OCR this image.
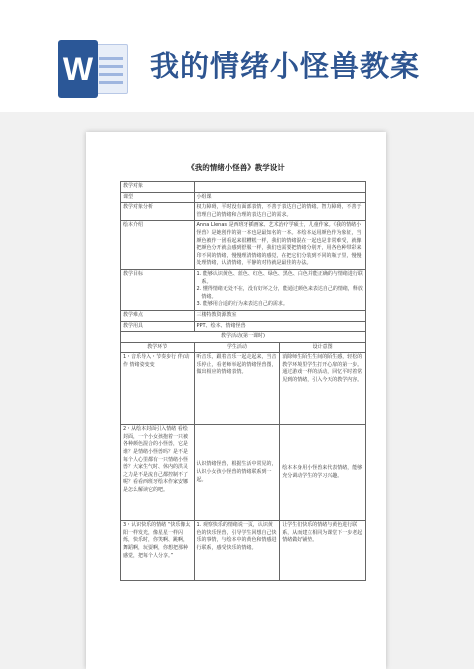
W 我的情绪小怪兽教案
《我的情绪小怪兽》教学设计
教学对象		
课型	小组课	
教学对象分析	权力障碍，平时没有面部表情，不善于表达自己的情绪。智力障碍，不善于管理自己的情绪和合理的表达自己的需求。	
绘本介绍	Anna Llenas 是西班牙插画家、艺术治疗学硕士，儿童作家。《我的情绪小怪兽》是她创作的第一本也是最知名的一本。本绘本运用颜色作为象征，当颜色被作一团看起来很糟糕一样，我们的情绪混在一起也是非常难受，就像把颜色分开就会感到舒服一样，我们也需要把情绪分别开，用各色种带彩来印不同的情绪，慢慢理清情绪的感觉，在把它们分装到不同的瓶子里，慢慢处理情绪，认清情绪，平静的对待就是最佳的办法。	
教学目标	1. 能够认识黄色、蓝色、红色、绿色、黑色、白色并能正确的与情绪进行联系。
2. 懂得情绪无处不在，没有好坏之分，能通过颜色来表达自己的情绪，释放情绪。
3. 能够用合适的行为来表达自己的需求。	

教学难点	三楼特教资源教室	
教学用具	PPT、绘本、情绪怪兽	
教学活动(第一课时)		
教学环节	学生活动	设计意图
1・音乐导入・节奏步行 伴/动作 情绪姿变变	听音乐，跟着音乐一起走起来，当音乐停止，看老师举起的情绪怪兽图，做出相应的情绪表情。	消除师生陌生生间的陌生感，轻松的教学环境里学生打开心扉的第一步。通过游戏一样的活动，回忆平时着常见到的情绪，引入今天的教学内容。
2・从绘本封面引入情绪 看绘封面，一个小女孩抱着一只被各种颜色混合的小怪兽，它是谁？是情绪小怪兽吗？是不是每个人心里都有一只情绪小怪兽？大家生气时、休内的洪灵之力是不是流自己都控制不了呢？看看西班牙绘本作家安娜是怎么解读它的吧。	认识情绪怪兽，根据生活中常见的，认识小女孩小怪兽的情绪联系到一起。	绘本本身用小怪兽来代表情绪，能够充分调动学生的学习兴趣。
3・认识快乐的情绪 “快乐像太阳一样发光，像星星一样闪烁，快乐时，你笑啊、跳啊，舞蹈啊，玩耍啊，你想把那种感觉，把每个人分享。”	1. 观察快乐的情绪说一页，认识黄色的快乐怪兽，引导学生回想自己快乐的事情，与绘本中的黄色和情感进行联系，感受快乐的情绪。	让学生们快乐的情绪与黄色进行联系，从而建立相同为课堂下一步老起情绪做好铺垫。
